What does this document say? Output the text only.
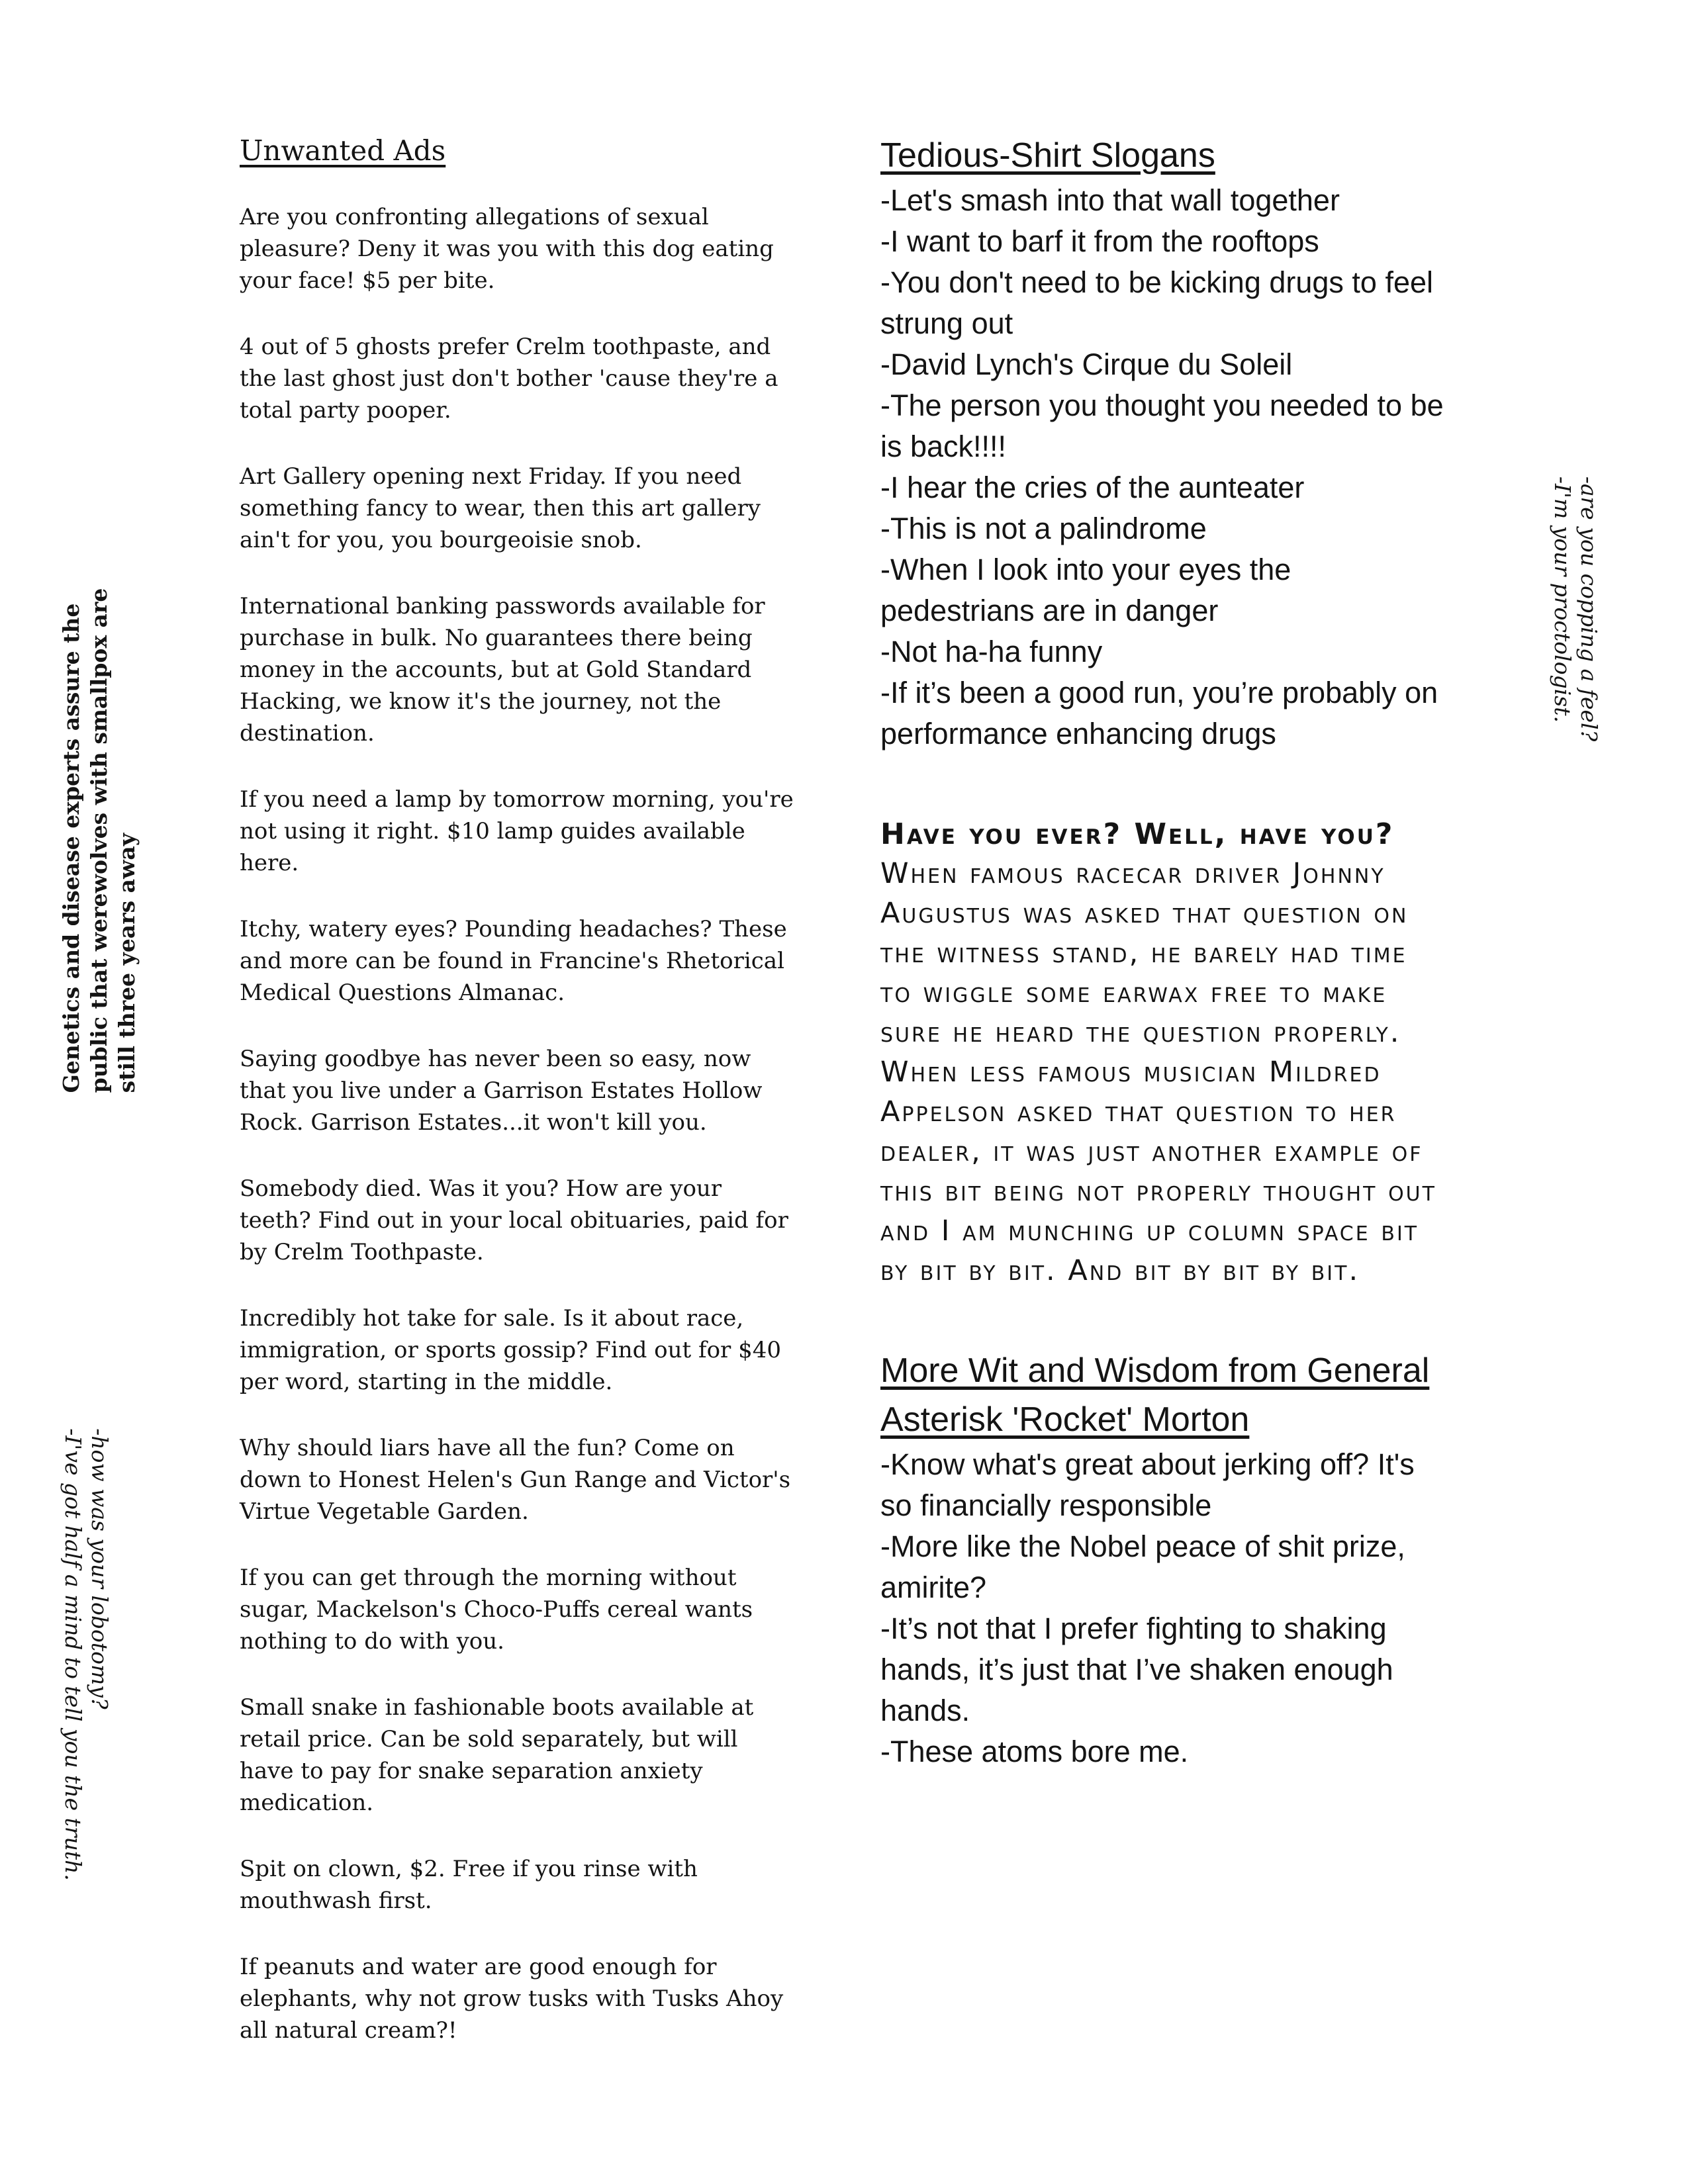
Unwanted Ads

Are you confronting allegations of sexual pleasure? Deny it was you with this dog eating your face! $5 per bite.

4 out of 5 ghosts prefer Crelm toothpaste, and the last ghost just don't bother 'cause they're a total party pooper.

Art Gallery opening next Friday. If you need something fancy to wear, then this art gallery ain't for you, you bourgeoisie snob.

International banking passwords available for purchase in bulk. No guarantees there being money in the accounts, but at Gold Standard Hacking, we know it's the journey, not the destination.

If you need a lamp by tomorrow morning, you're not using it right. $10 lamp guides available here.

Itchy, watery eyes? Pounding headaches? These and more can be found in Francine's Rhetorical Medical Questions Almanac.

Saying goodbye has never been so easy, now that you live under a Garrison Estates Hollow Rock. Garrison Estates...it won't kill you.

Somebody died. Was it you? How are your teeth? Find out in your local obituaries, paid for by Crelm Toothpaste.

Incredibly hot take for sale. Is it about race, immigration, or sports gossip? Find out for $40 per word, starting in the middle.

Why should liars have all the fun? Come on down to Honest Helen's Gun Range and Victor's Virtue Vegetable Garden.

If you can get through the morning without sugar, Mackelson's Choco-Puffs cereal wants nothing to do with you.

Small snake in fashionable boots available at retail price. Can be sold separately, but will have to pay for snake separation anxiety medication.

Spit on clown, $2. Free if you rinse with mouthwash first.

If peanuts and water are good enough for elephants, why not grow tusks with Tusks Ahoy all natural cream?!

Tedious-Shirt Slogans
-Let's smash into that wall together
-I want to barf it from the rooftops
-You don't need to be kicking drugs to feel strung out
-David Lynch's Cirque du Soleil
-The person you thought you needed to be is back!!!!
-I hear the cries of the aunteater
-This is not a palindrome
-When I look into your eyes the pedestrians are in danger
-Not ha-ha funny
-If it’s been a good run, you’re probably on performance enhancing drugs
Have you ever? Well, have you?

When famous racecar driver Johnny Augustus was asked that question on the witness stand, he barely had time to wiggle some earwax free to make sure he heard the question properly.

When less famous musician Mildred Appelson asked that question to her dealer, it was just another example of this bit being not properly thought out and I am munching up column space bit by bit by bit. And bit by bit by bit.

More Wit and Wisdom from General Asterisk 'Rocket' Morton
-Know what's great about jerking off? It's so financially responsible
-More like the Nobel peace of shit prize, amirite?
-It’s not that I prefer fighting to shaking hands, it’s just that I’ve shaken enough hands.
-These atoms bore me.
Genetics and disease experts assure the public that werewolves with smallpox are still three years away
-are you copping a feel?
-I'm your proctologist.
-how was your lobotomy?
-I've got half a mind to tell you the truth.
